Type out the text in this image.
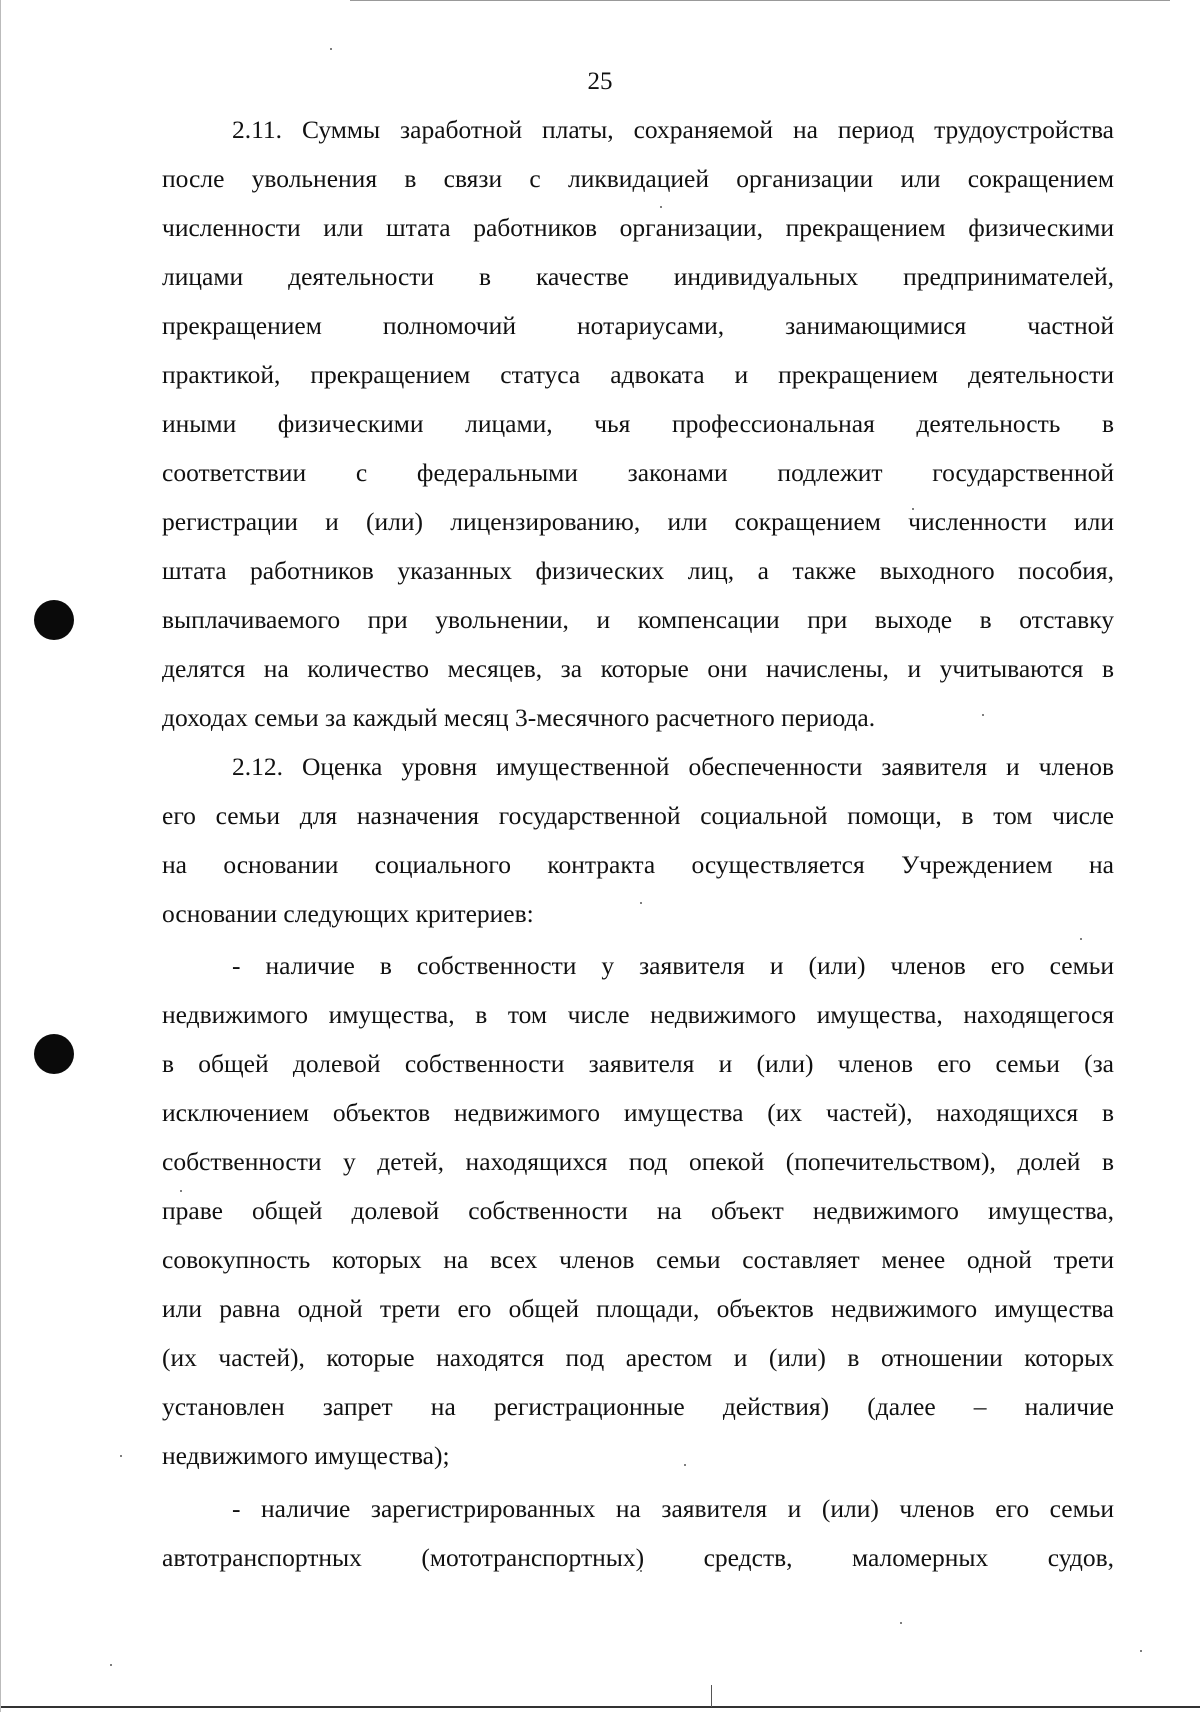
25
2.11. Суммы заработной платы, сохраняемой на период трудоустройства
после увольнения в связи с ликвидацией организации или сокращением
численности или штата работников организации, прекращением физическими
лицами деятельности в качестве индивидуальных предпринимателей,
прекращением полномочий нотариусами, занимающимися частной
практикой, прекращением статуса адвоката и прекращением деятельности
иными физическими лицами, чья профессиональная деятельность в
соответствии с федеральными законами подлежит государственной
регистрации и (или) лицензированию, или сокращением численности или
штата работников указанных физических лиц, а также выходного пособия,
выплачиваемого при увольнении, и компенсации при выходе в отставку
делятся на количество месяцев, за которые они начислены, и учитываются в
доходах семьи за каждый месяц 3-месячного расчетного периода.
2.12. Оценка уровня имущественной обеспеченности заявителя и членов
его семьи для назначения государственной социальной помощи, в том числе
на основании социального контракта осуществляется Учреждением на
основании следующих критериев:
- наличие в собственности у заявителя и (или) членов его семьи
недвижимого имущества, в том числе недвижимого имущества, находящегося
в общей долевой собственности заявителя и (или) членов его семьи (за
исключением объектов недвижимого имущества (их частей), находящихся в
собственности у детей, находящихся под опекой (попечительством), долей в
праве общей долевой собственности на объект недвижимого имущества,
совокупность которых на всех членов семьи составляет менее одной трети
или равна одной трети его общей площади, объектов недвижимого имущества
(их частей), которые находятся под арестом и (или) в отношении которых
установлен запрет на регистрационные действия) (далее – наличие
недвижимого имущества);
- наличие зарегистрированных на заявителя и (или) членов его семьи
автотранспортных (мототранспортных) средств, маломерных судов,
